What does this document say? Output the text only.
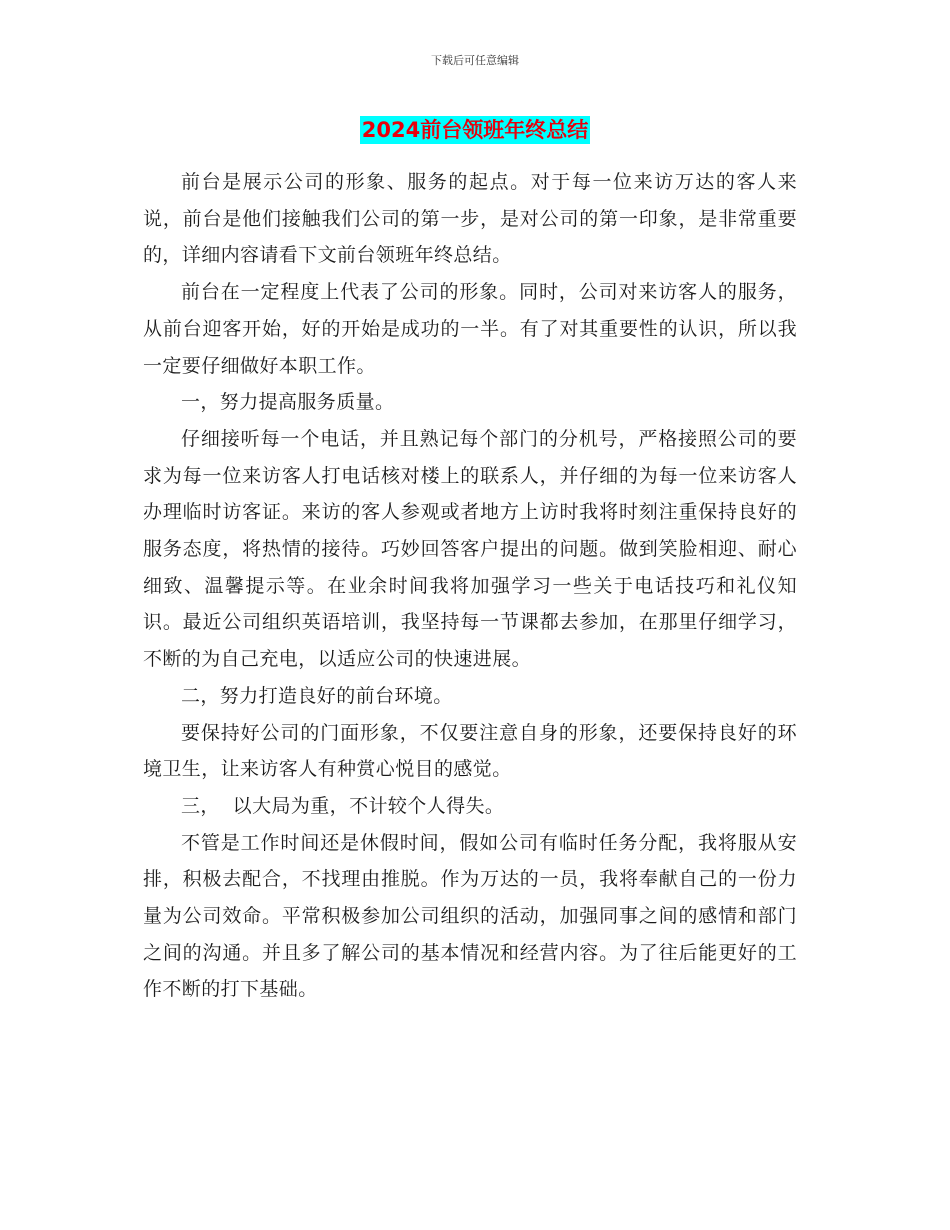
下载后可任意编辑
2024前台领班年终总结

前台是展示公司的形象、服务的起点。对于每一位来访万达的客人来说，前台是他们接触我们公司的第一步，是对公司的第一印象，是非常重要的，详细内容请看下文前台领班年终总结。

前台在一定程度上代表了公司的形象。同时，公司对来访客人的服务，从前台迎客开始，好的开始是成功的一半。有了对其重要性的认识，所以我一定要仔细做好本职工作。

一，努力提高服务质量。

仔细接听每一个电话，并且熟记每个部门的分机号，严格接照公司的要求为每一位来访客人打电话核对楼上的联系人，并仔细的为每一位来访客人办理临时访客证。来访的客人参观或者地方上访时我将时刻注重保持良好的服务态度，将热情的接待。巧妙回答客户提出的问题。做到笑脸相迎、耐心细致、温馨提示等。在业余时间我将加强学习一些关于电话技巧和礼仪知识。最近公司组织英语培训，我坚持每一节课都去参加，在那里仔细学习，不断的为自己充电，以适应公司的快速进展。

二，努力打造良好的前台环境。

要保持好公司的门面形象，不仅要注意自身的形象，还要保持良好的环境卫生，让来访客人有种赏心悦目的感觉。

三，  以大局为重，不计较个人得失。

不管是工作时间还是休假时间，假如公司有临时任务分配，我将服从安排，积极去配合，不找理由推脱。作为万达的一员，我将奉献自己的一份力量为公司效命。平常积极参加公司组织的活动，加强同事之间的感情和部门之间的沟通。并且多了解公司的基本情况和经营内容。为了往后能更好的工作不断的打下基础。
